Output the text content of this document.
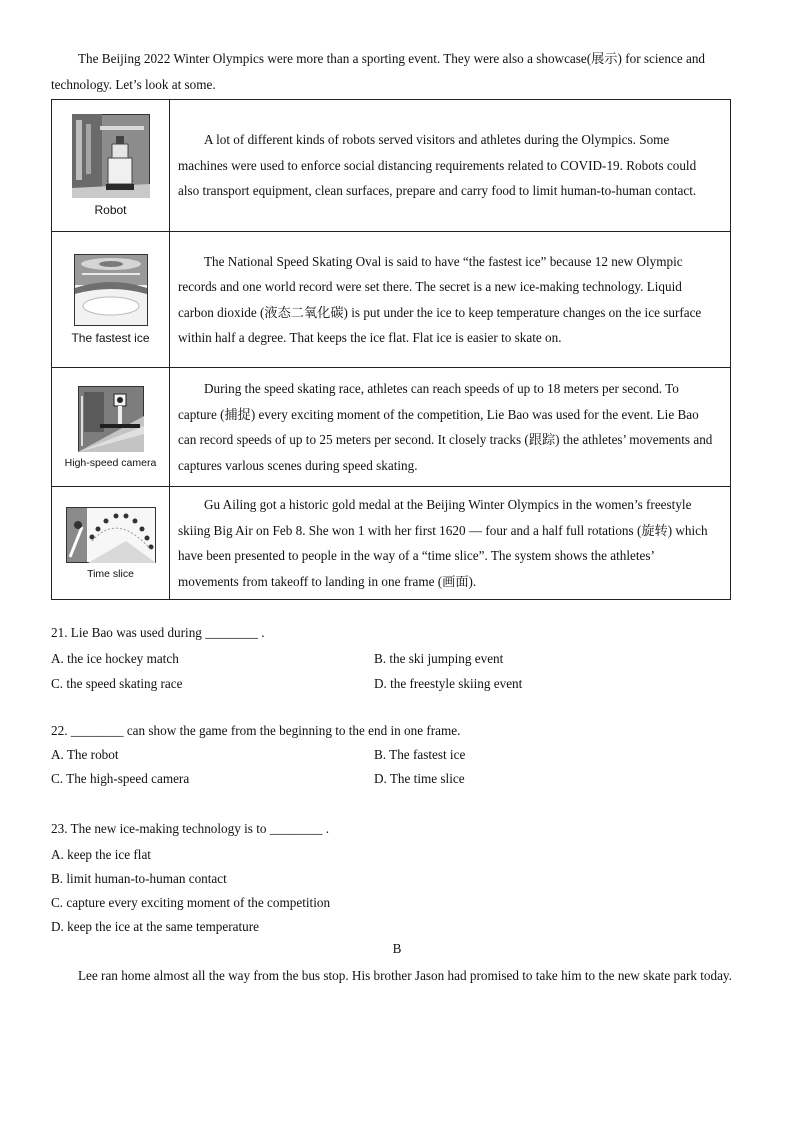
The Beijing 2022 Winter Olympics were more than a sporting event. They were also a showcase(展示) for science and technology. Let’s look at some.
Robot	A lot of different kinds of robots served visitors and athletes during the Olympics. Some machines were used to enforce social distancing requirements related to COVID-19. Robots could also transport equipment, clean surfaces, prepare and carry food to limit human-to-human contact.

The fastest ice	The National Speed Skating Oval is said to have “the fastest ice” because 12 new Olympic records and one world record were set there. The secret is a new ice-making technology. Liquid carbon dioxide (液态二氧化碳) is put under the ice to keep temperature changes on the ice surface within half a degree. That keeps the ice flat. Flat ice is easier to skate on.

High-speed camera	During the speed skating race, athletes can reach speeds of up to 18 meters per second. To capture (捕捉) every exciting moment of the competition, Lie Bao was used for the event. Lie Bao can record speeds of up to 25 meters per second. It closely tracks (跟踪) the athletes’ movements and captures varlous scenes during speed skating.

Time slice	Gu Ailing got a historic gold medal at the Beijing Winter Olympics in the women’s freestyle skiing Big Air on Feb 8. She won 1 with her first 1620 — four and a half full rotations (旋转) which have been presented to people in the way of a “time slice”. The system shows the athletes’ movements from takeoff to landing in one frame (画面).
21. Lie Bao was used during ________ .
A. the ice hockey match	B. the ski jumping event
C. the speed skating race	D. the freestyle skiing event
22. ________ can show the game from the beginning to the end in one frame.
A. The robot	B. The fastest ice
C. The high-speed camera	D. The time slice
23. The new ice-making technology is to ________ .
A. keep the ice flat
B. limit human-to-human contact
C. capture every exciting moment of the competition
D. keep the ice at the same temperature
B
Lee ran home almost all the way from the bus stop. His brother Jason had promised to take him to the new skate park today.
